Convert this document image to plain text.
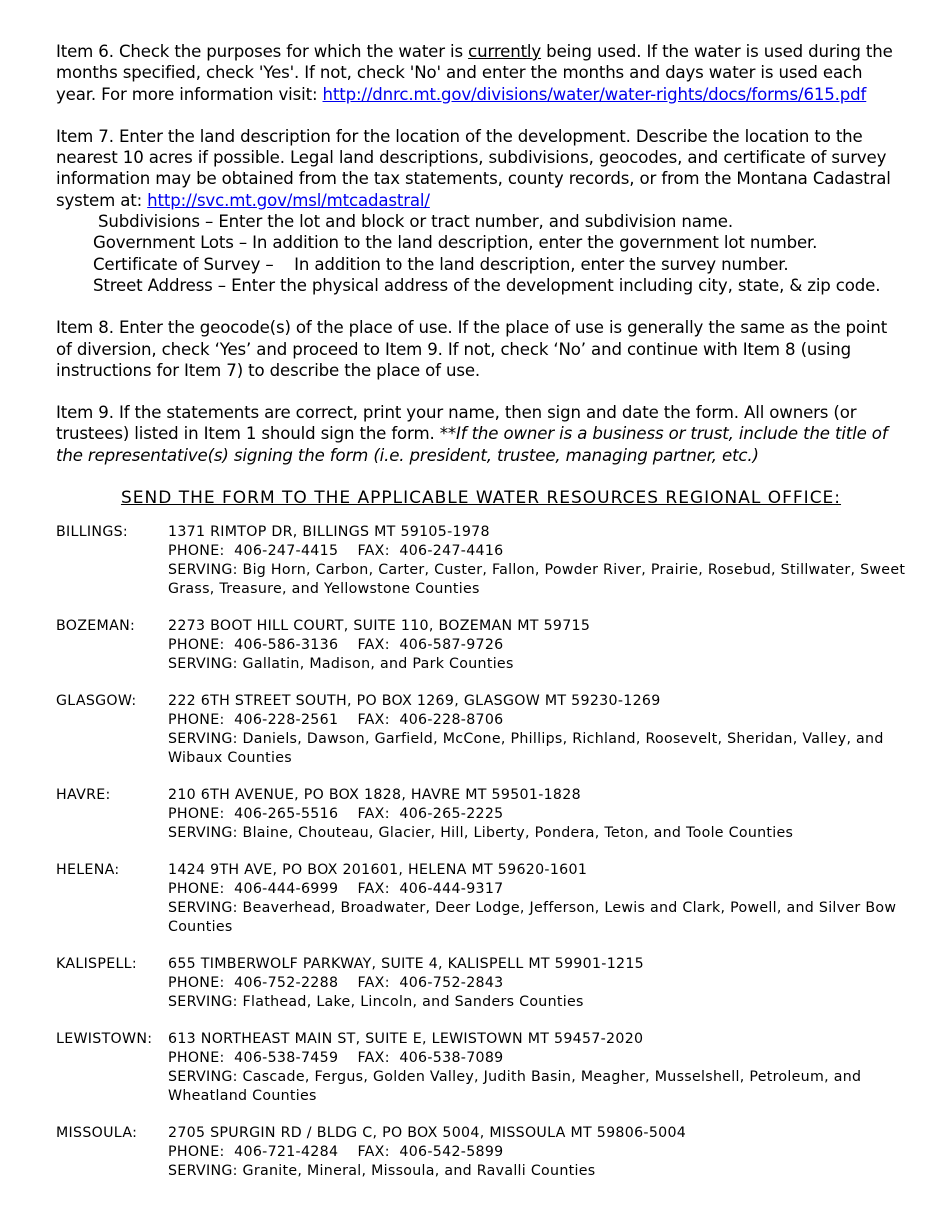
Item 6. Check the purposes for which the water is currently being used. If the water is used during the months specified, check 'Yes'. If not, check 'No' and enter the months and days water is used each year. For more information visit: http://dnrc.mt.gov/divisions/water/water-rights/docs/forms/615.pdf

Item 7. Enter the land description for the location of the development. Describe the location to the nearest 10 acres if possible. Legal land descriptions, subdivisions, geocodes, and certificate of survey information may be obtained from the tax statements, county records, or from the Montana Cadastral system at: http://svc.mt.gov/msl/mtcadastral/
Subdivisions – Enter the lot and block or tract number, and subdivision name.
Government Lots – In addition to the land description, enter the government lot number.
Certificate of Survey –    In addition to the land description, enter the survey number.
Street Address – Enter the physical address of the development including city, state, & zip code.

Item 8. Enter the geocode(s) of the place of use. If the place of use is generally the same as the point of diversion, check ‘Yes’ and proceed to Item 9. If not, check ‘No’ and continue with Item 8 (using instructions for Item 7) to describe the place of use.

Item 9. If the statements are correct, print your name, then sign and date the form. All owners (or trustees) listed in Item 1 should sign the form. **If the owner is a business or trust, include the title of the representative(s) signing the form (i.e. president, trustee, managing partner, etc.)

SEND THE FORM TO THE APPLICABLE WATER RESOURCES REGIONAL OFFICE:
BILLINGS:	1371 RIMTOP DR, BILLINGS MT 59105-1978
PHONE:  406-247-4415    FAX:  406-247-4416
SERVING: Big Horn, Carbon, Carter, Custer, Fallon, Powder River, Prairie, Rosebud, Stillwater, Sweet Grass, Treasure, and Yellowstone Counties
BOZEMAN:	2273 BOOT HILL COURT, SUITE 110, BOZEMAN MT 59715
PHONE:  406-586-3136    FAX:  406-587-9726
SERVING: Gallatin, Madison, and Park Counties
GLASGOW:	222 6TH STREET SOUTH, PO BOX 1269, GLASGOW MT 59230-1269
PHONE:  406-228-2561    FAX:  406-228-8706
SERVING: Daniels, Dawson, Garfield, McCone, Phillips, Richland, Roosevelt, Sheridan, Valley, and Wibaux Counties
HAVRE:	210 6TH AVENUE, PO BOX 1828, HAVRE MT 59501-1828
PHONE:  406-265-5516    FAX:  406-265-2225
SERVING: Blaine, Chouteau, Glacier, Hill, Liberty, Pondera, Teton, and Toole Counties
HELENA:	1424 9TH AVE, PO BOX 201601, HELENA MT 59620-1601
PHONE:  406-444-6999    FAX:  406-444-9317
SERVING: Beaverhead, Broadwater, Deer Lodge, Jefferson, Lewis and Clark, Powell, and Silver Bow Counties
KALISPELL:	655 TIMBERWOLF PARKWAY, SUITE 4, KALISPELL MT 59901-1215
PHONE:  406-752-2288    FAX:  406-752-2843
SERVING: Flathead, Lake, Lincoln, and Sanders Counties
LEWISTOWN:	613 NORTHEAST MAIN ST, SUITE E, LEWISTOWN MT 59457-2020
PHONE:  406-538-7459    FAX:  406-538-7089
SERVING: Cascade, Fergus, Golden Valley, Judith Basin, Meagher, Musselshell, Petroleum, and Wheatland Counties
MISSOULA:	2705 SPURGIN RD / BLDG C, PO BOX 5004, MISSOULA MT 59806-5004
PHONE:  406-721-4284    FAX:  406-542-5899
SERVING: Granite, Mineral, Missoula, and Ravalli Counties
